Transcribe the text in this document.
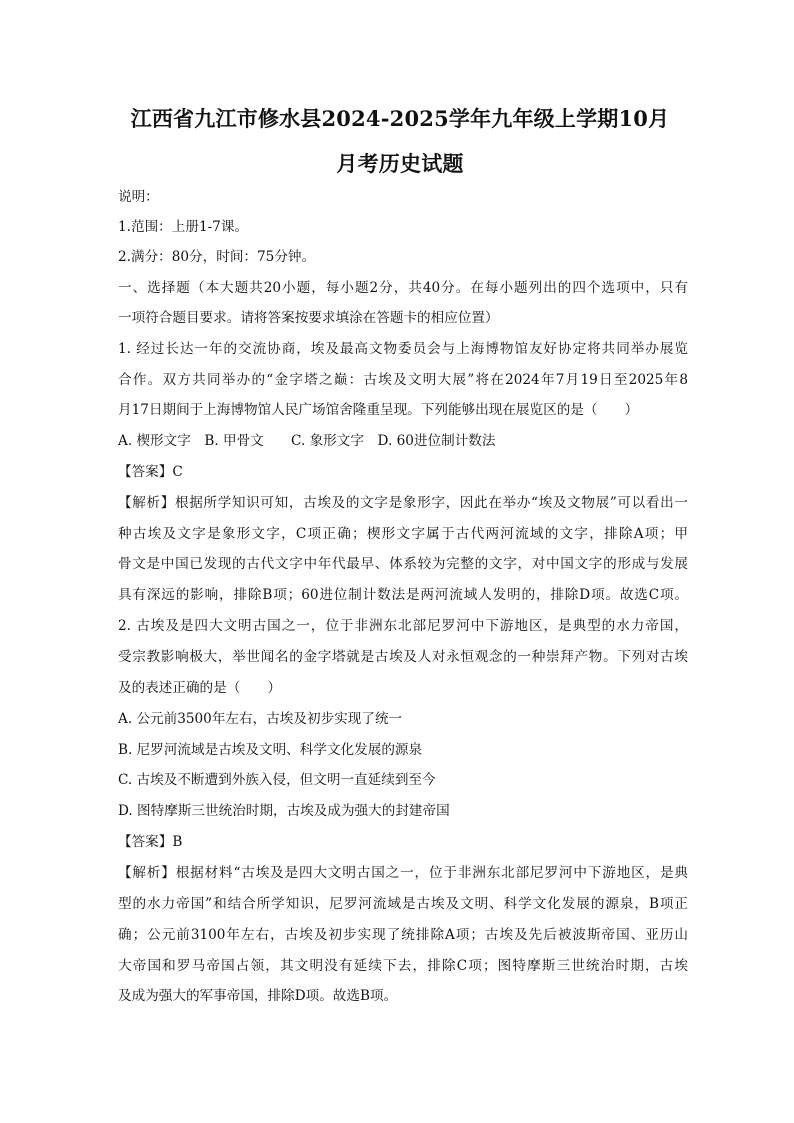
江西省九江市修水县2024-2025学年九年级上学期10月
月考历史试题
说明：
1.范围：上册1-7课。
2.满分：80分，时间：75分钟。
一、选择题（本大题共20小题，每小题2分，共40分。在每小题列出的四个选项中，只有
一项符合题目要求。请将答案按要求填涂在答题卡的相应位置）
1. 经过长达一年的交流协商，埃及最高文物委员会与上海博物馆友好协定将共同举办展览
合作。双方共同举办的“金字塔之巅：古埃及文明大展”将在2024年7月19日至2025年8
月17日期间于上海博物馆人民广场馆舍隆重呈现。下列能够出现在展览区的是（　　）
A. 楔形文字　B. 甲骨文　　C. 象形文字　D. 60进位制计数法
【答案】C
【解析】根据所学知识可知，古埃及的文字是象形字，因此在举办“埃及文物展”可以看出一
种古埃及文字是象形文字，C项正确；楔形文字属于古代两河流域的文字，排除A项；甲
骨文是中国已发现的古代文字中年代最早、体系较为完整的文字，对中国文字的形成与发展
具有深远的影响，排除B项；60进位制计数法是两河流域人发明的，排除D项。故选C项。
2. 古埃及是四大文明古国之一，位于非洲东北部尼罗河中下游地区，是典型的水力帝国，
受宗教影响极大，举世闻名的金字塔就是古埃及人对永恒观念的一种崇拜产物。下列对古埃
及的表述正确的是（　　）
A. 公元前3500年左右，古埃及初步实现了统一
B. 尼罗河流域是古埃及文明、科学文化发展的源泉
C. 古埃及不断遭到外族入侵，但文明一直延续到至今
D. 图特摩斯三世统治时期，古埃及成为强大的封建帝国
【答案】B
【解析】根据材料“古埃及是四大文明古国之一，位于非洲东北部尼罗河中下游地区，是典
型的水力帝国”和结合所学知识，尼罗河流域是古埃及文明、科学文化发展的源泉，B项正
确；公元前3100年左右，古埃及初步实现了统排除A项；古埃及先后被波斯帝国、亚历山
大帝国和罗马帝国占领，其文明没有延续下去，排除C项；图特摩斯三世统治时期，古埃
及成为强大的军事帝国，排除D项。故选B项。
